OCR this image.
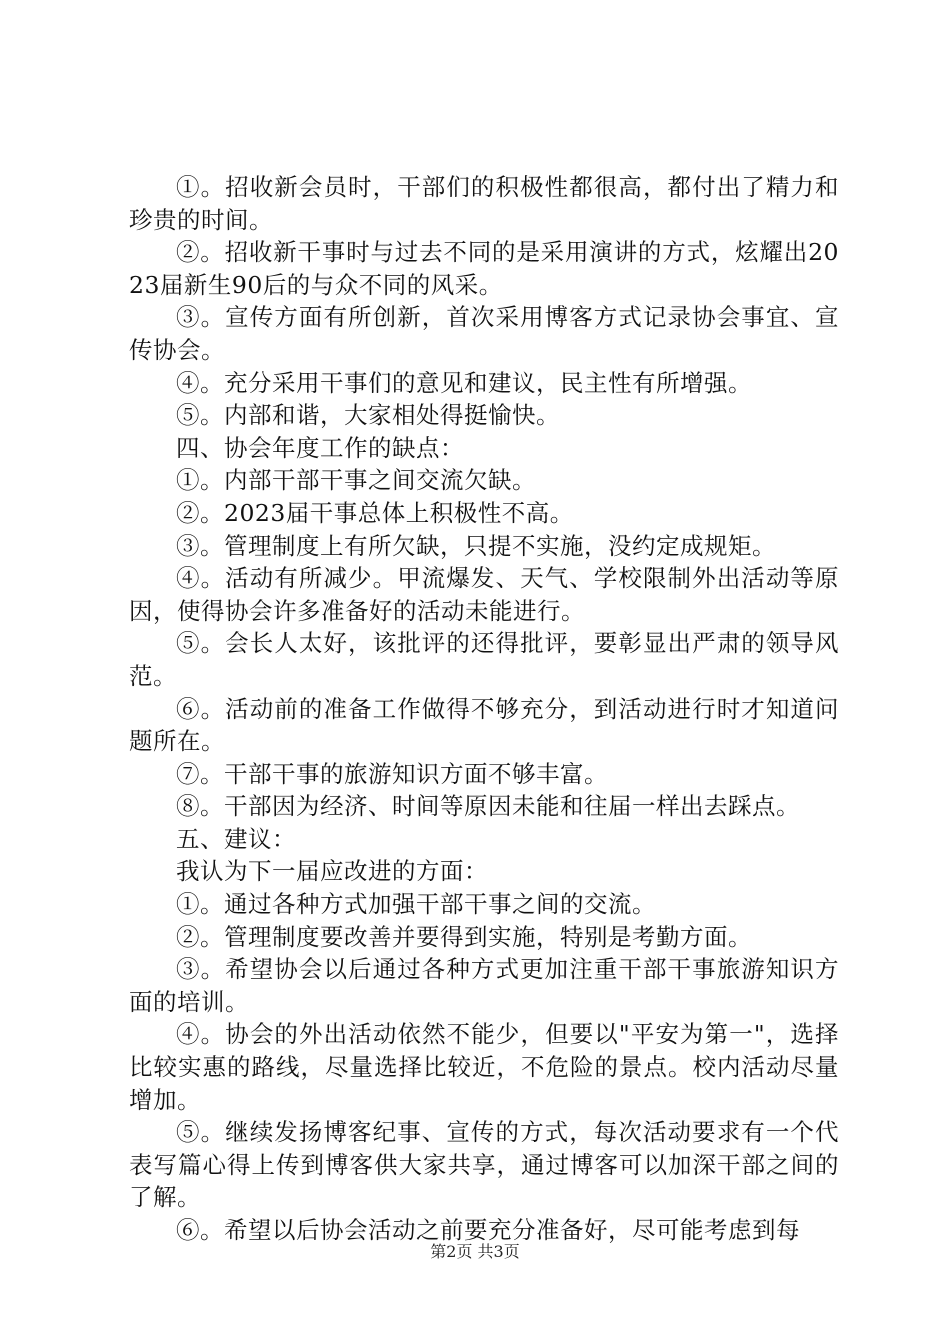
①。招收新会员时，干部们的积极性都很高，都付出了精力和珍贵的时间。

②。招收新干事时与过去不同的是采用演讲的方式，炫耀出2023届新生90后的与众不同的风采。

③。宣传方面有所创新，首次采用博客方式记录协会事宜、宣传协会。

④。充分采用干事们的意见和建议，民主性有所增强。

⑤。内部和谐，大家相处得挺愉快。

四、协会年度工作的缺点：

①。内部干部干事之间交流欠缺。

②。2023届干事总体上积极性不高。

③。管理制度上有所欠缺，只提不实施，没约定成规矩。

④。活动有所减少。甲流爆发、天气、学校限制外出活动等原因，使得协会许多准备好的活动未能进行。

⑤。会长人太好，该批评的还得批评，要彰显出严肃的领导风范。

⑥。活动前的准备工作做得不够充分，到活动进行时才知道问题所在。

⑦。干部干事的旅游知识方面不够丰富。

⑧。干部因为经济、时间等原因未能和往届一样出去踩点。

五、建议：

我认为下一届应改进的方面：

①。通过各种方式加强干部干事之间的交流。

②。管理制度要改善并要得到实施，特别是考勤方面。

③。希望协会以后通过各种方式更加注重干部干事旅游知识方面的培训。

④。协会的外出活动依然不能少，但要以"平安为第一"，选择比较实惠的路线，尽量选择比较近，不危险的景点。校内活动尽量增加。

⑤。继续发扬博客纪事、宣传的方式，每次活动要求有一个代表写篇心得上传到博客供大家共享，通过博客可以加深干部之间的了解。

⑥。希望以后协会活动之前要充分准备好，尽可能考虑到每

第2页 共3页
